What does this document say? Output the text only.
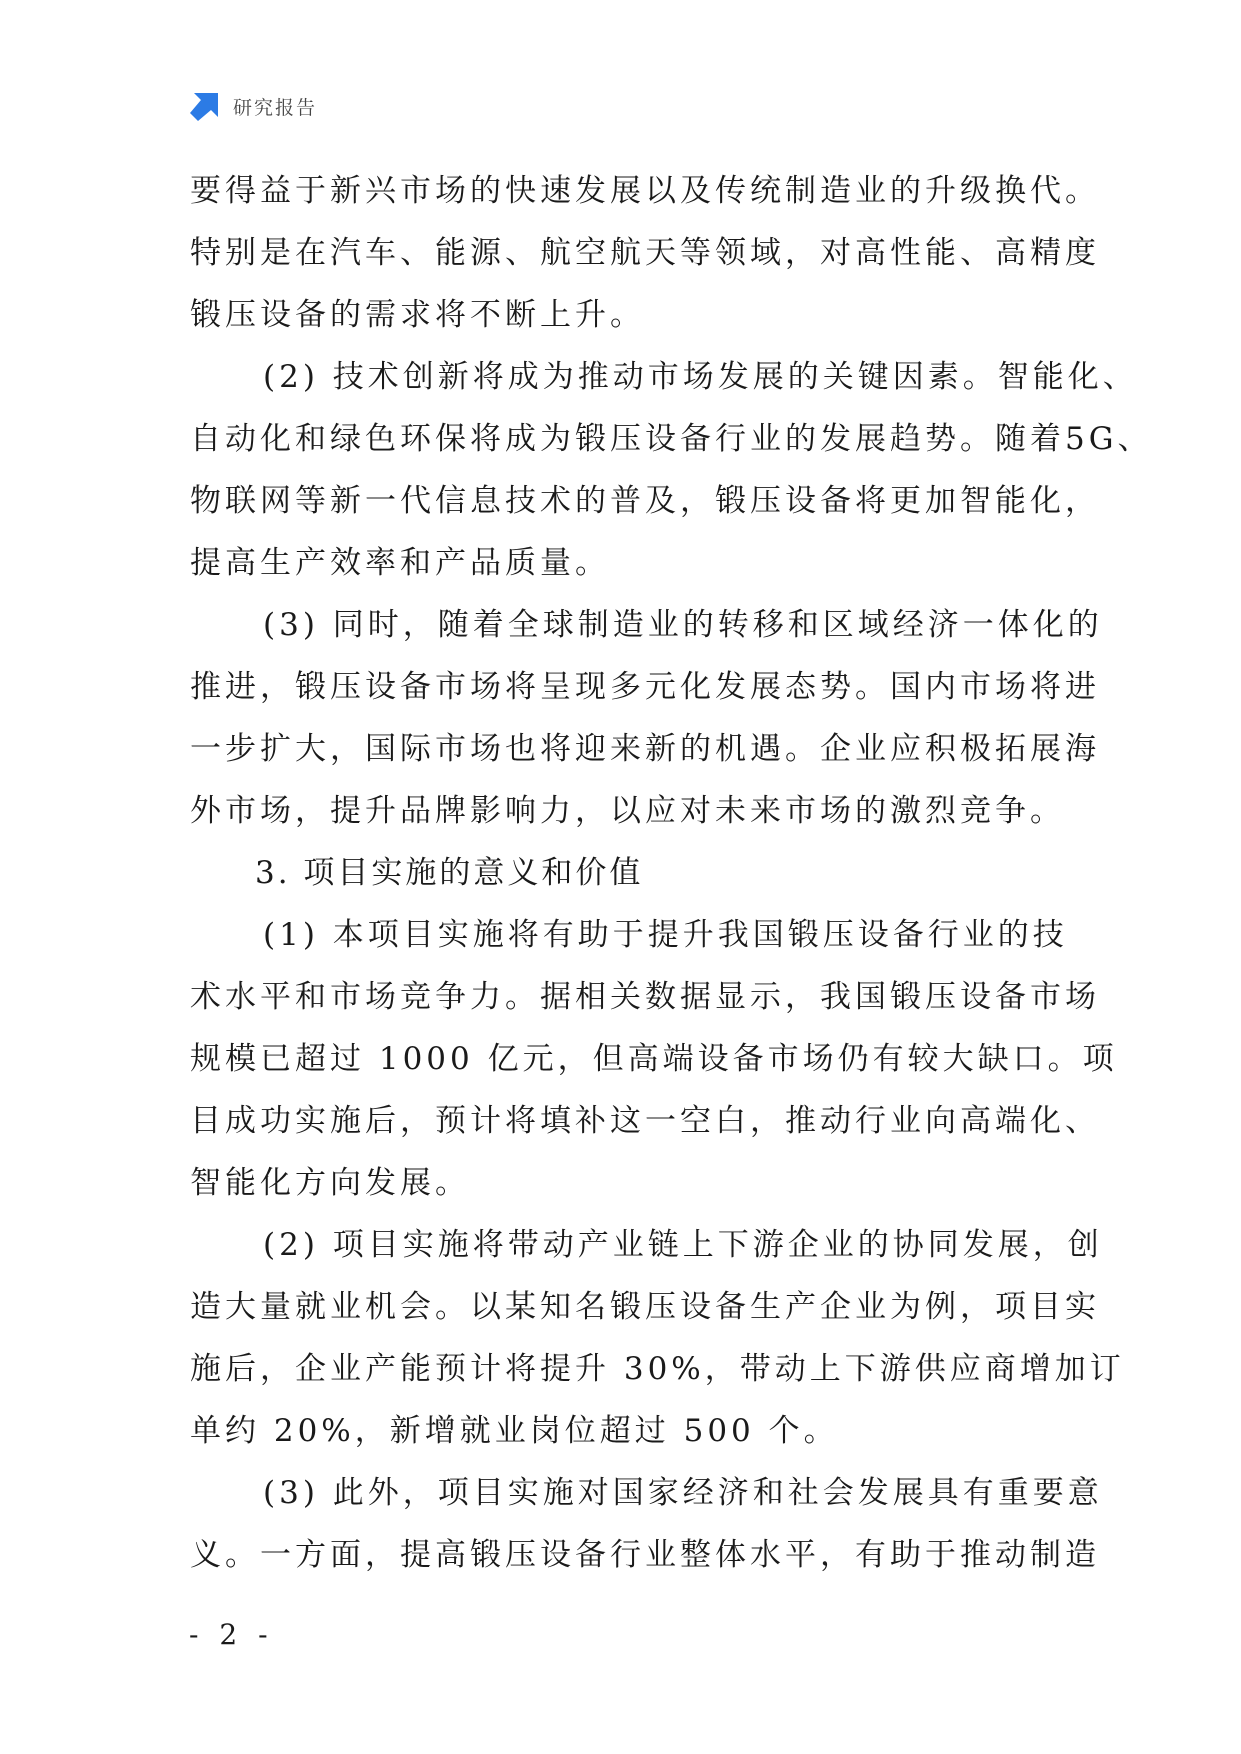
研究报告
要得益于新兴市场的快速发展以及传统制造业的升级换代。
特别是在汽车、能源、航空航天等领域，对高性能、高精度
锻压设备的需求将不断上升。
(2) 技术创新将成为推动市场发展的关键因素。智能化、
自动化和绿色环保将成为锻压设备行业的发展趋势。随着5G、
物联网等新一代信息技术的普及，锻压设备将更加智能化，
提高生产效率和产品质量。
(3) 同时，随着全球制造业的转移和区域经济一体化的
推进，锻压设备市场将呈现多元化发展态势。国内市场将进
一步扩大，国际市场也将迎来新的机遇。企业应积极拓展海
外市场，提升品牌影响力，以应对未来市场的激烈竞争。
3. 项目实施的意义和价值
(1) 本项目实施将有助于提升我国锻压设备行业的技
术水平和市场竞争力。据相关数据显示，我国锻压设备市场
规模已超过 1000 亿元，但高端设备市场仍有较大缺口。项
目成功实施后，预计将填补这一空白，推动行业向高端化、
智能化方向发展。
(2) 项目实施将带动产业链上下游企业的协同发展，创
造大量就业机会。以某知名锻压设备生产企业为例，项目实
施后，企业产能预计将提升 30%，带动上下游供应商增加订
单约 20%，新增就业岗位超过 500 个。
(3) 此外，项目实施对国家经济和社会发展具有重要意
义。一方面，提高锻压设备行业整体水平，有助于推动制造
- 2 -
